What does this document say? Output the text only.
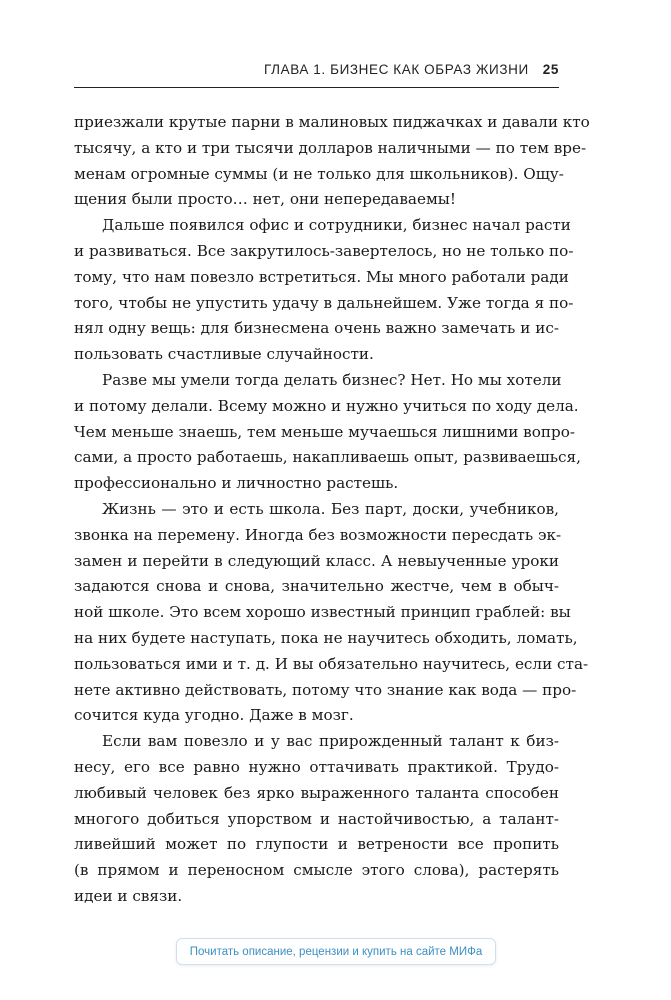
ГЛАВА 1. БИЗНЕС КАК ОБРАЗ ЖИЗНИ 25
приезжали крутые парни в малиновых пиджачках и давали кто
тысячу, а кто и три тысячи долларов наличными — по тем вре-
менам огромные суммы (и не только для школьников). Ощу-
щения были просто… нет, они непередаваемы!
Дальше появился офис и сотрудники, бизнес начал расти
и развиваться. Все закрутилось-завертелось, но не только по-
тому, что нам повезло встретиться. Мы много работали ради
того, чтобы не упустить удачу в дальнейшем. Уже тогда я по-
нял одну вещь: для бизнесмена очень важно замечать и ис-
пользовать счастливые случайности.
Разве мы умели тогда делать бизнес? Нет. Но мы хотели
и потому делали. Всему можно и нужно учиться по ходу дела.
Чем меньше знаешь, тем меньше мучаешься лишними вопро-
сами, а просто работаешь, накапливаешь опыт, развиваешься,
профессионально и личностно растешь.
Жизнь — это и есть школа. Без парт, доски, учебников,
звонка на перемену. Иногда без возможности пересдать эк-
замен и перейти в следующий класс. А невыученные уроки
задаются снова и снова, значительно жестче, чем в обыч-
ной школе. Это всем хорошо известный принцип граблей: вы
на них будете наступать, пока не научитесь обходить, ломать,
пользоваться ими и т. д. И вы обязательно научитесь, если ста-
нете активно действовать, потому что знание как вода — про-
сочится куда угодно. Даже в мозг.
Если вам повезло и у вас прирожденный талант к биз-
несу, его все равно нужно оттачивать практикой. Трудо-
любивый человек без ярко выраженного таланта способен
многого добиться упорством и настойчивостью, а талант-
ливейший может по глупости и ветрености все пропить
(в прямом и переносном смысле этого слова), растерять
идеи и связи.
Почитать описание, рецензии и купить на сайте МИФа
